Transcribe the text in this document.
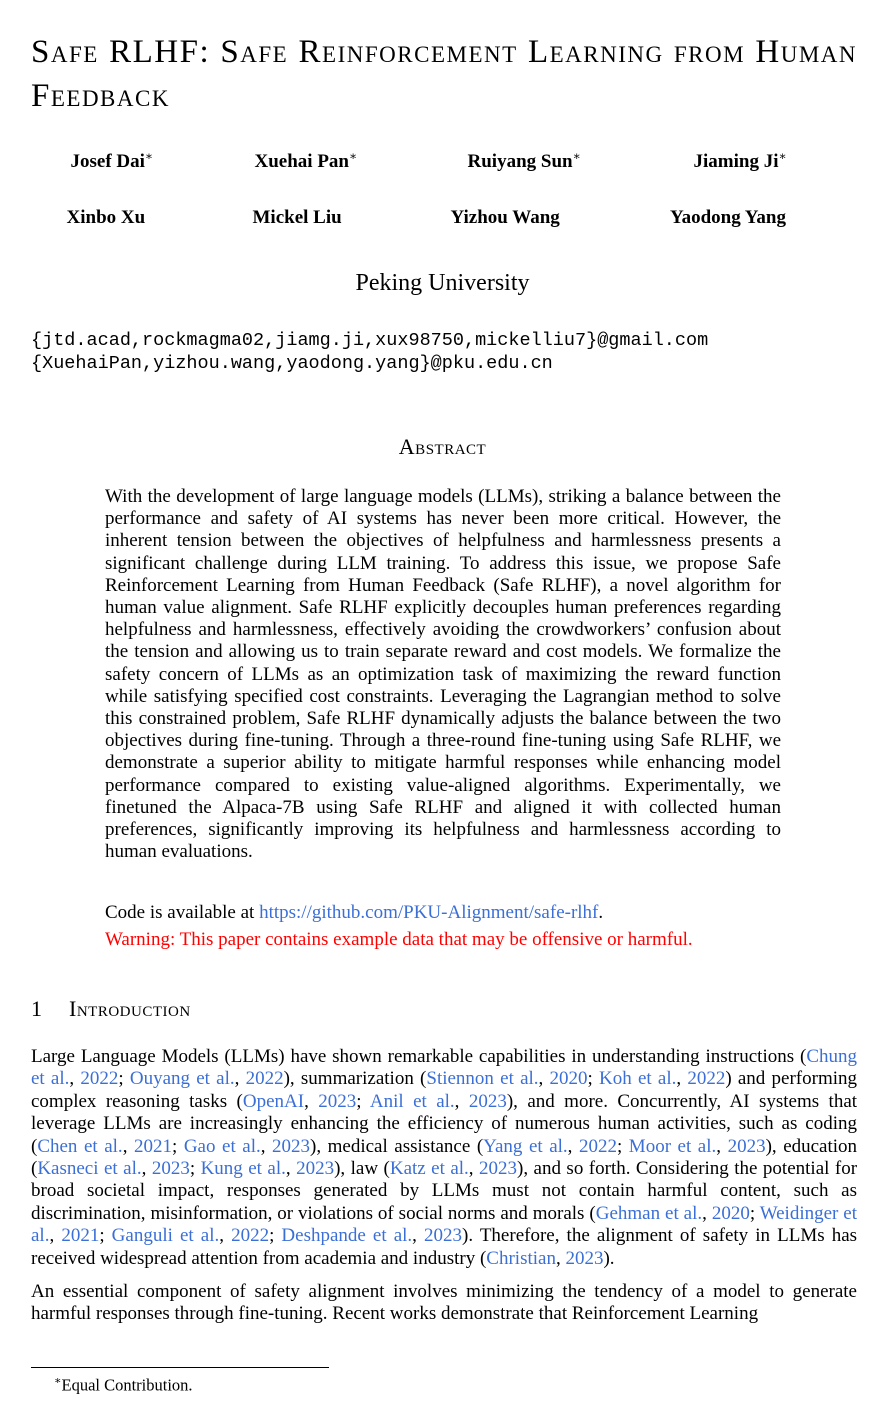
Safe RLHF: Safe Reinforcement Learning from Human Feedback
Josef Dai∗	Xuehai Pan∗	Ruiyang Sun∗	Jiaming Ji∗
Xinbo Xu	Mickel Liu	Yizhou Wang	Yaodong Yang
Peking University
{jtd.acad,rockmagma02,jiamg.ji,xux98750,mickelliu7}@gmail.com
{XuehaiPan,yizhou.wang,yaodong.yang}@pku.edu.cn
Abstract

With the development of large language models (LLMs), striking a balance between the performance and safety of AI systems has never been more critical. However, the inherent tension between the objectives of helpfulness and harmlessness presents a significant challenge during LLM training. To address this issue, we propose Safe Reinforcement Learning from Human Feedback (Safe RLHF), a novel algorithm for human value alignment. Safe RLHF explicitly decouples human preferences regarding helpfulness and harmlessness, effectively avoiding the crowdworkers’ confusion about the tension and allowing us to train separate reward and cost models. We formalize the safety concern of LLMs as an optimization task of maximizing the reward function while satisfying specified cost constraints. Leveraging the Lagrangian method to solve this constrained problem, Safe RLHF dynamically adjusts the balance between the two objectives during fine-tuning. Through a three-round fine-tuning using Safe RLHF, we demonstrate a superior ability to mitigate harmful responses while enhancing model performance compared to existing value-aligned algorithms. Experimentally, we finetuned the Alpaca-7B using Safe RLHF and aligned it with collected human preferences, significantly improving its helpfulness and harmlessness according to human evaluations.

Code is available at https://github.com/PKU-Alignment/safe-rlhf.
Warning: This paper contains example data that may be offensive or harmful.
1 Introduction

Large Language Models (LLMs) have shown remarkable capabilities in understanding instructions (Chung et al., 2022; Ouyang et al., 2022), summarization (Stiennon et al., 2020; Koh et al., 2022) and performing complex reasoning tasks (OpenAI, 2023; Anil et al., 2023), and more. Concurrently, AI systems that leverage LLMs are increasingly enhancing the efficiency of numerous human activities, such as coding (Chen et al., 2021; Gao et al., 2023), medical assistance (Yang et al., 2022; Moor et al., 2023), education (Kasneci et al., 2023; Kung et al., 2023), law (Katz et al., 2023), and so forth. Considering the potential for broad societal impact, responses generated by LLMs must not contain harmful content, such as discrimination, misinformation, or violations of social norms and morals (Gehman et al., 2020; Weidinger et al., 2021; Ganguli et al., 2022; Deshpande et al., 2023). Therefore, the alignment of safety in LLMs has received widespread attention from academia and industry (Christian, 2023).

An essential component of safety alignment involves minimizing the tendency of a model to generate harmful responses through fine-tuning. Recent works demonstrate that Reinforcement Learning

∗Equal Contribution.
